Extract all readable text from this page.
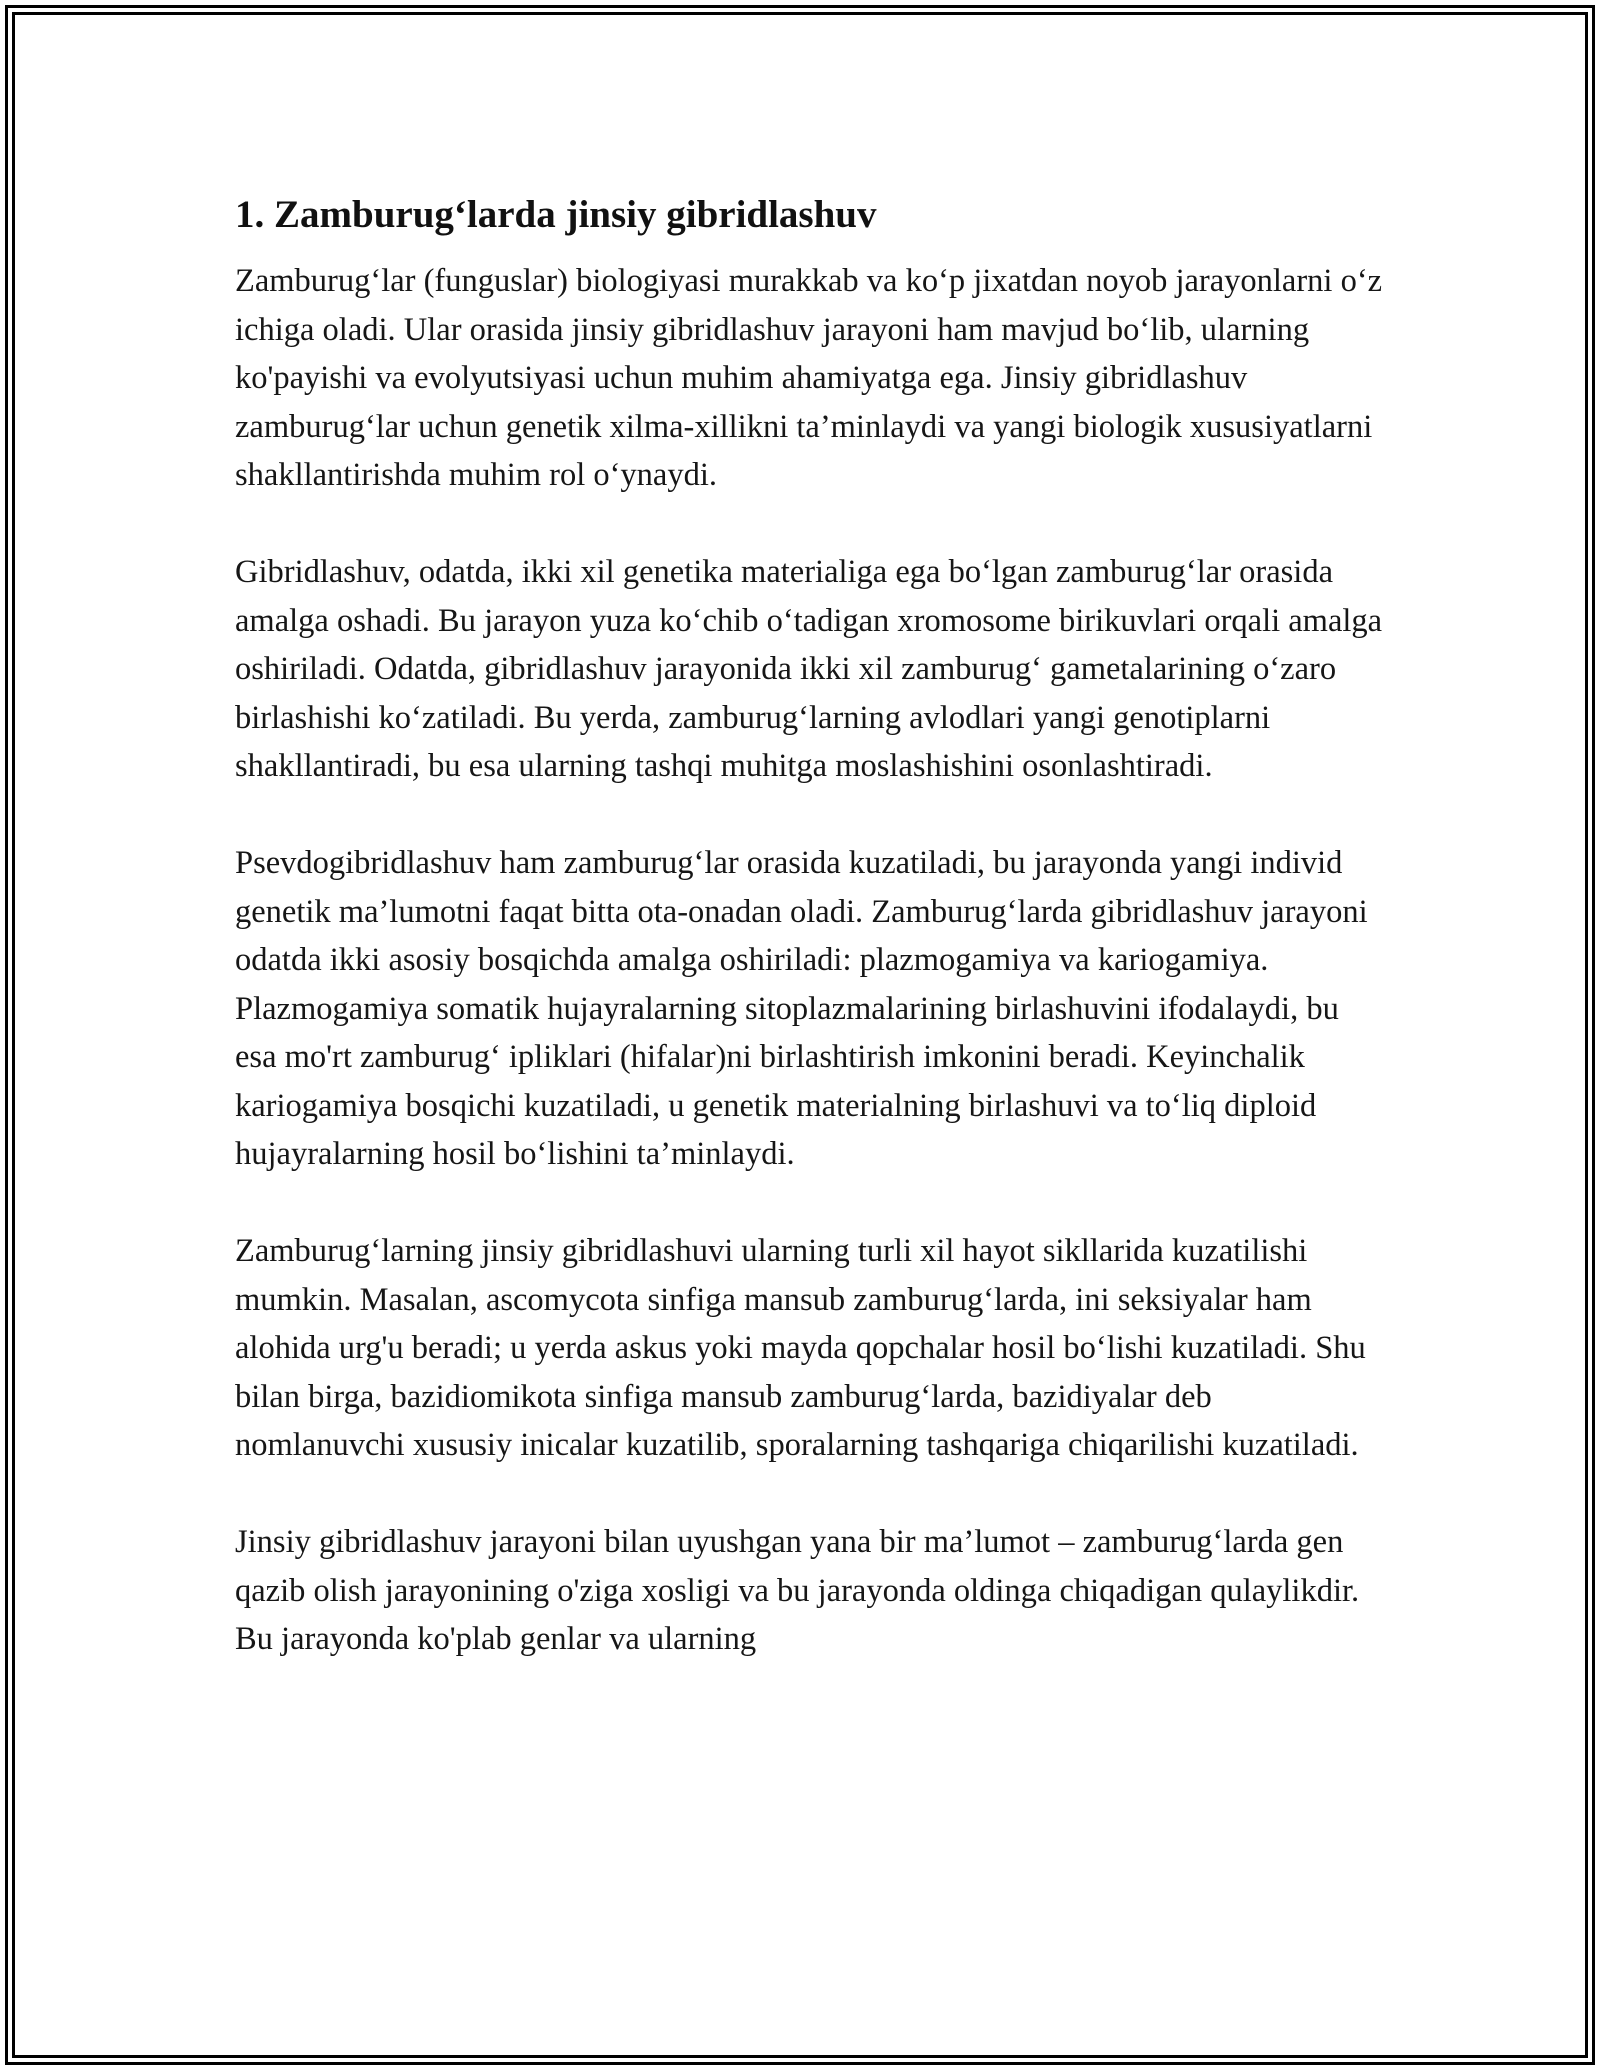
1. Zamburug‘larda jinsiy gibridlashuv

Zamburug‘lar (funguslar) biologiyasi murakkab va ko‘p jixatdan noyob jarayonlarni o‘z ichiga oladi. Ular orasida jinsiy gibridlashuv jarayoni ham mavjud bo‘lib, ularning ko'payishi va evolyutsiyasi uchun muhim ahamiyatga ega. Jinsiy gibridlashuv zamburug‘lar uchun genetik xilma-xillikni ta’minlaydi va yangi biologik xususiyatlarni shakllantirishda muhim rol o‘ynaydi.

Gibridlashuv, odatda, ikki xil genetika materialiga ega bo‘lgan zamburug‘lar orasida amalga oshadi. Bu jarayon yuza ko‘chib o‘tadigan xromosome birikuvlari orqali amalga oshiriladi. Odatda, gibridlashuv jarayonida ikki xil zamburug‘ gametalarining o‘zaro birlashishi ko‘zatiladi. Bu yerda, zamburug‘larning avlodlari yangi genotiplarni shakllantiradi, bu esa ularning tashqi muhitga moslashishini osonlashtiradi.

Psevdogibridlashuv ham zamburug‘lar orasida kuzatiladi, bu jarayonda yangi individ genetik ma’lumotni faqat bitta ota-onadan oladi. Zamburug‘larda gibridlashuv jarayoni odatda ikki asosiy bosqichda amalga oshiriladi: plazmogamiya va kariogamiya. Plazmogamiya somatik hujayralarning sitoplazmalarining birlashuvini ifodalaydi, bu esa mo'rt zamburug‘ ipliklari (hifalar)ni birlashtirish imkonini beradi. Keyinchalik kariogamiya bosqichi kuzatiladi, u genetik materialning birlashuvi va to‘liq diploid hujayralarning hosil bo‘lishini ta’minlaydi.

Zamburug‘larning jinsiy gibridlashuvi ularning turli xil hayot sikllarida kuzatilishi mumkin. Masalan, ascomycota sinfiga mansub zamburug‘larda, ini seksiyalar ham alohida urg'u beradi; u yerda askus yoki mayda qopchalar hosil bo‘lishi kuzatiladi. Shu bilan birga, bazidiomikota sinfiga mansub zamburug‘larda, bazidiyalar deb nomlanuvchi xususiy inicalar kuzatilib, sporalarning tashqariga chiqarilishi kuzatiladi.

Jinsiy gibridlashuv jarayoni bilan uyushgan yana bir ma’lumot – zamburug‘larda gen qazib olish jarayonining o'ziga xosligi va bu jarayonda oldinga chiqadigan qulaylikdir. Bu jarayonda ko'plab genlar va ularning
